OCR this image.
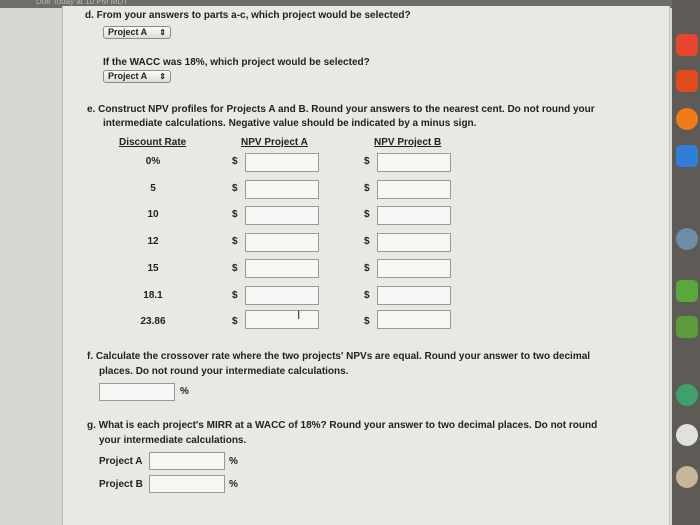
Due Today at 10 PM MDT
d. From your answers to parts a-c, which project would be selected?
Project A ⇕
If the WACC was 18%, which project would be selected?
Project A ⇕
e. Construct NPV profiles for Projects A and B. Round your answers to the nearest cent. Do not round your
intermediate calculations. Negative value should be indicated by a minus sign.
Discount Rate	NPV Project A	NPV Project B
0%	$	$
5	$	$
10	$	$
12	$	$
15	$	$
18.1	$	$
23.86	$	$
I
f. Calculate the crossover rate where the two projects' NPVs are equal. Round your answer to two decimal
places. Do not round your intermediate calculations.
%
g. What is each project's MIRR at a WACC of 18%? Round your answer to two decimal places. Do not round
your intermediate calculations.
Project A	%
Project B	%
